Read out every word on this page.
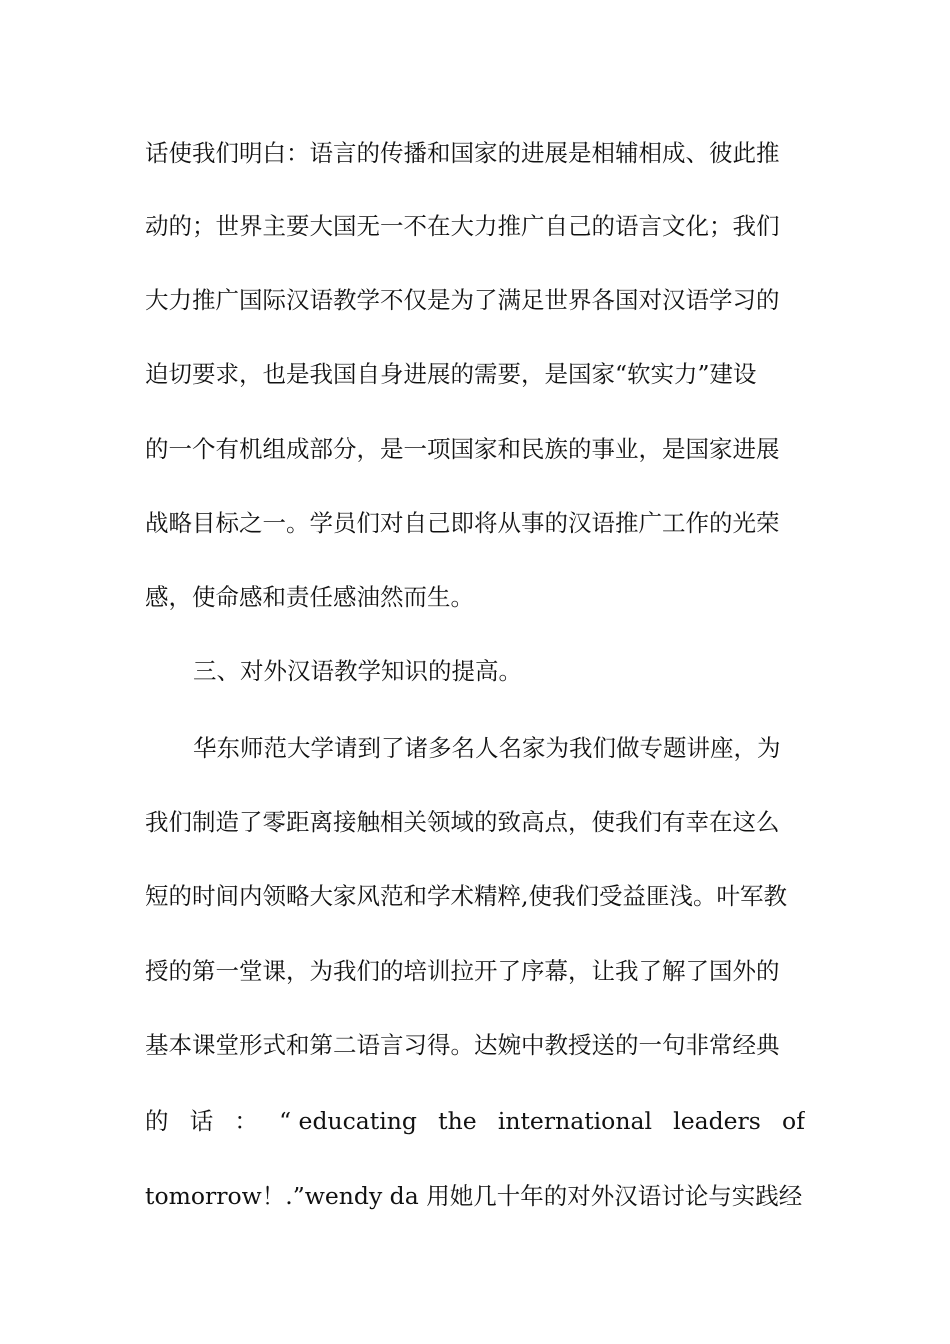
话使我们明白：语言的传播和国家的进展是相辅相成、彼此推
动的；世界主要大国无一不在大力推广自己的语言文化；我们
大力推广国际汉语教学不仅是为了满足世界各国对汉语学习的
迫切要求，也是我国自身进展的需要，是国家“软实力”建设
的一个有机组成部分，是一项国家和民族的事业，是国家进展
战略目标之一。学员们对自己即将从事的汉语推广工作的光荣
感，使命感和责任感油然而生。
三、对外汉语教学知识的提高。
华东师范大学请到了诸多名人名家为我们做专题讲座，为
我们制造了零距离接触相关领域的致高点，使我们有幸在这么
短的时间内领略大家风范和学术精粹,使我们受益匪浅。叶军教
授的第一堂课，为我们的培训拉开了序幕，让我了解了国外的
基本课堂形式和第二语言习得。达婉中教授送的一句非常经典
的 话 ： “ educating the international leaders of
tomorrow！.”wendy da 用她几十年的对外汉语讨论与实践经
